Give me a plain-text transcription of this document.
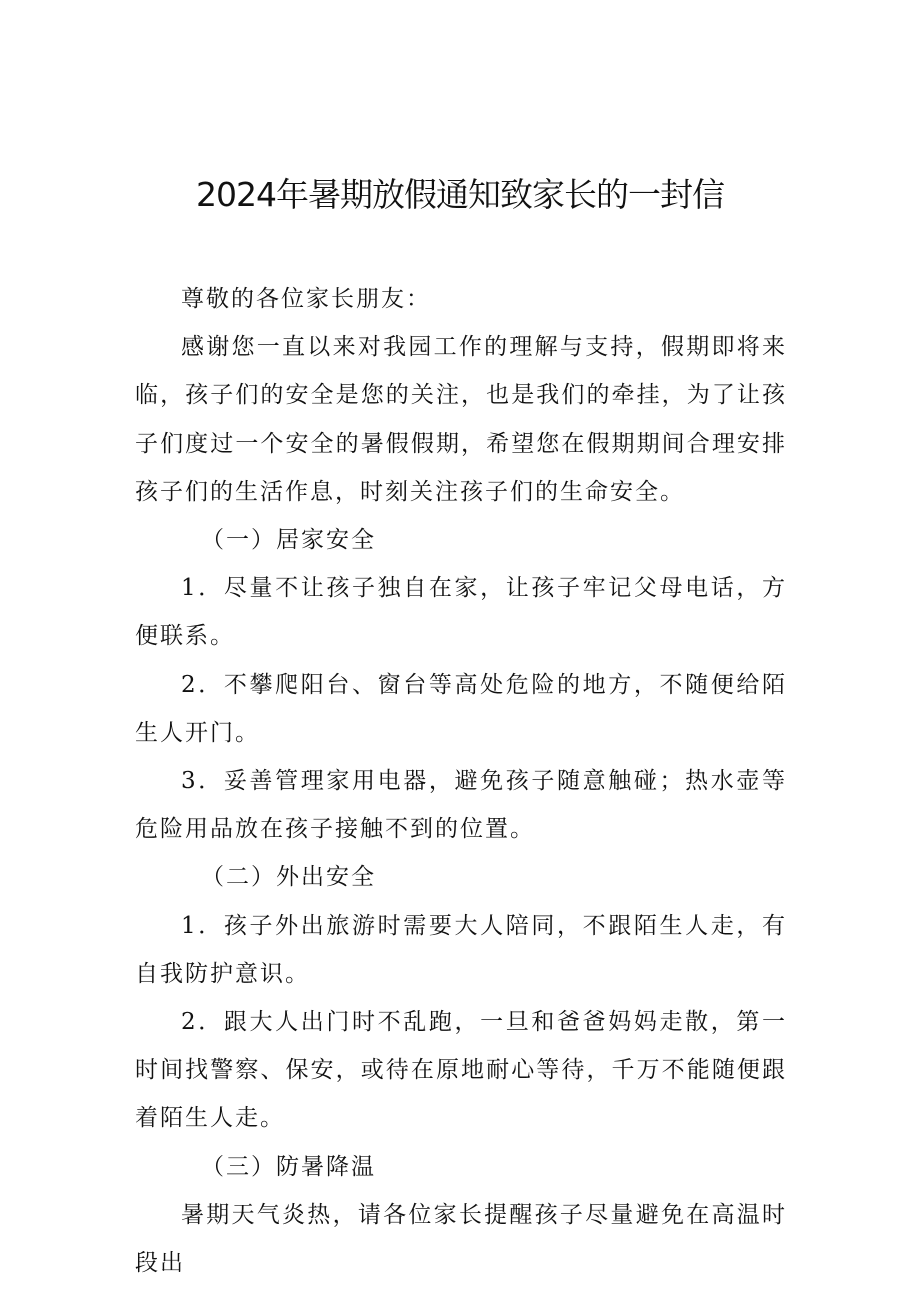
2024年暑期放假通知致家长的一封信

尊敬的各位家长朋友：

感谢您一直以来对我园工作的理解与支持，假期即将来临，孩子们的安全是您的关注，也是我们的牵挂，为了让孩子们度过一个安全的暑假假期，希望您在假期期间合理安排孩子们的生活作息，时刻关注孩子们的生命安全。

（一）居家安全

1．尽量不让孩子独自在家，让孩子牢记父母电话，方便联系。

2．不攀爬阳台、窗台等高处危险的地方，不随便给陌生人开门。

3．妥善管理家用电器，避免孩子随意触碰；热水壶等危险用品放在孩子接触不到的位置。

（二）外出安全

1．孩子外出旅游时需要大人陪同，不跟陌生人走，有自我防护意识。

2．跟大人出门时不乱跑，一旦和爸爸妈妈走散，第一时间找警察、保安，或待在原地耐心等待，千万不能随便跟着陌生人走。

（三）防暑降温

暑期天气炎热，请各位家长提醒孩子尽量避免在高温时段出
